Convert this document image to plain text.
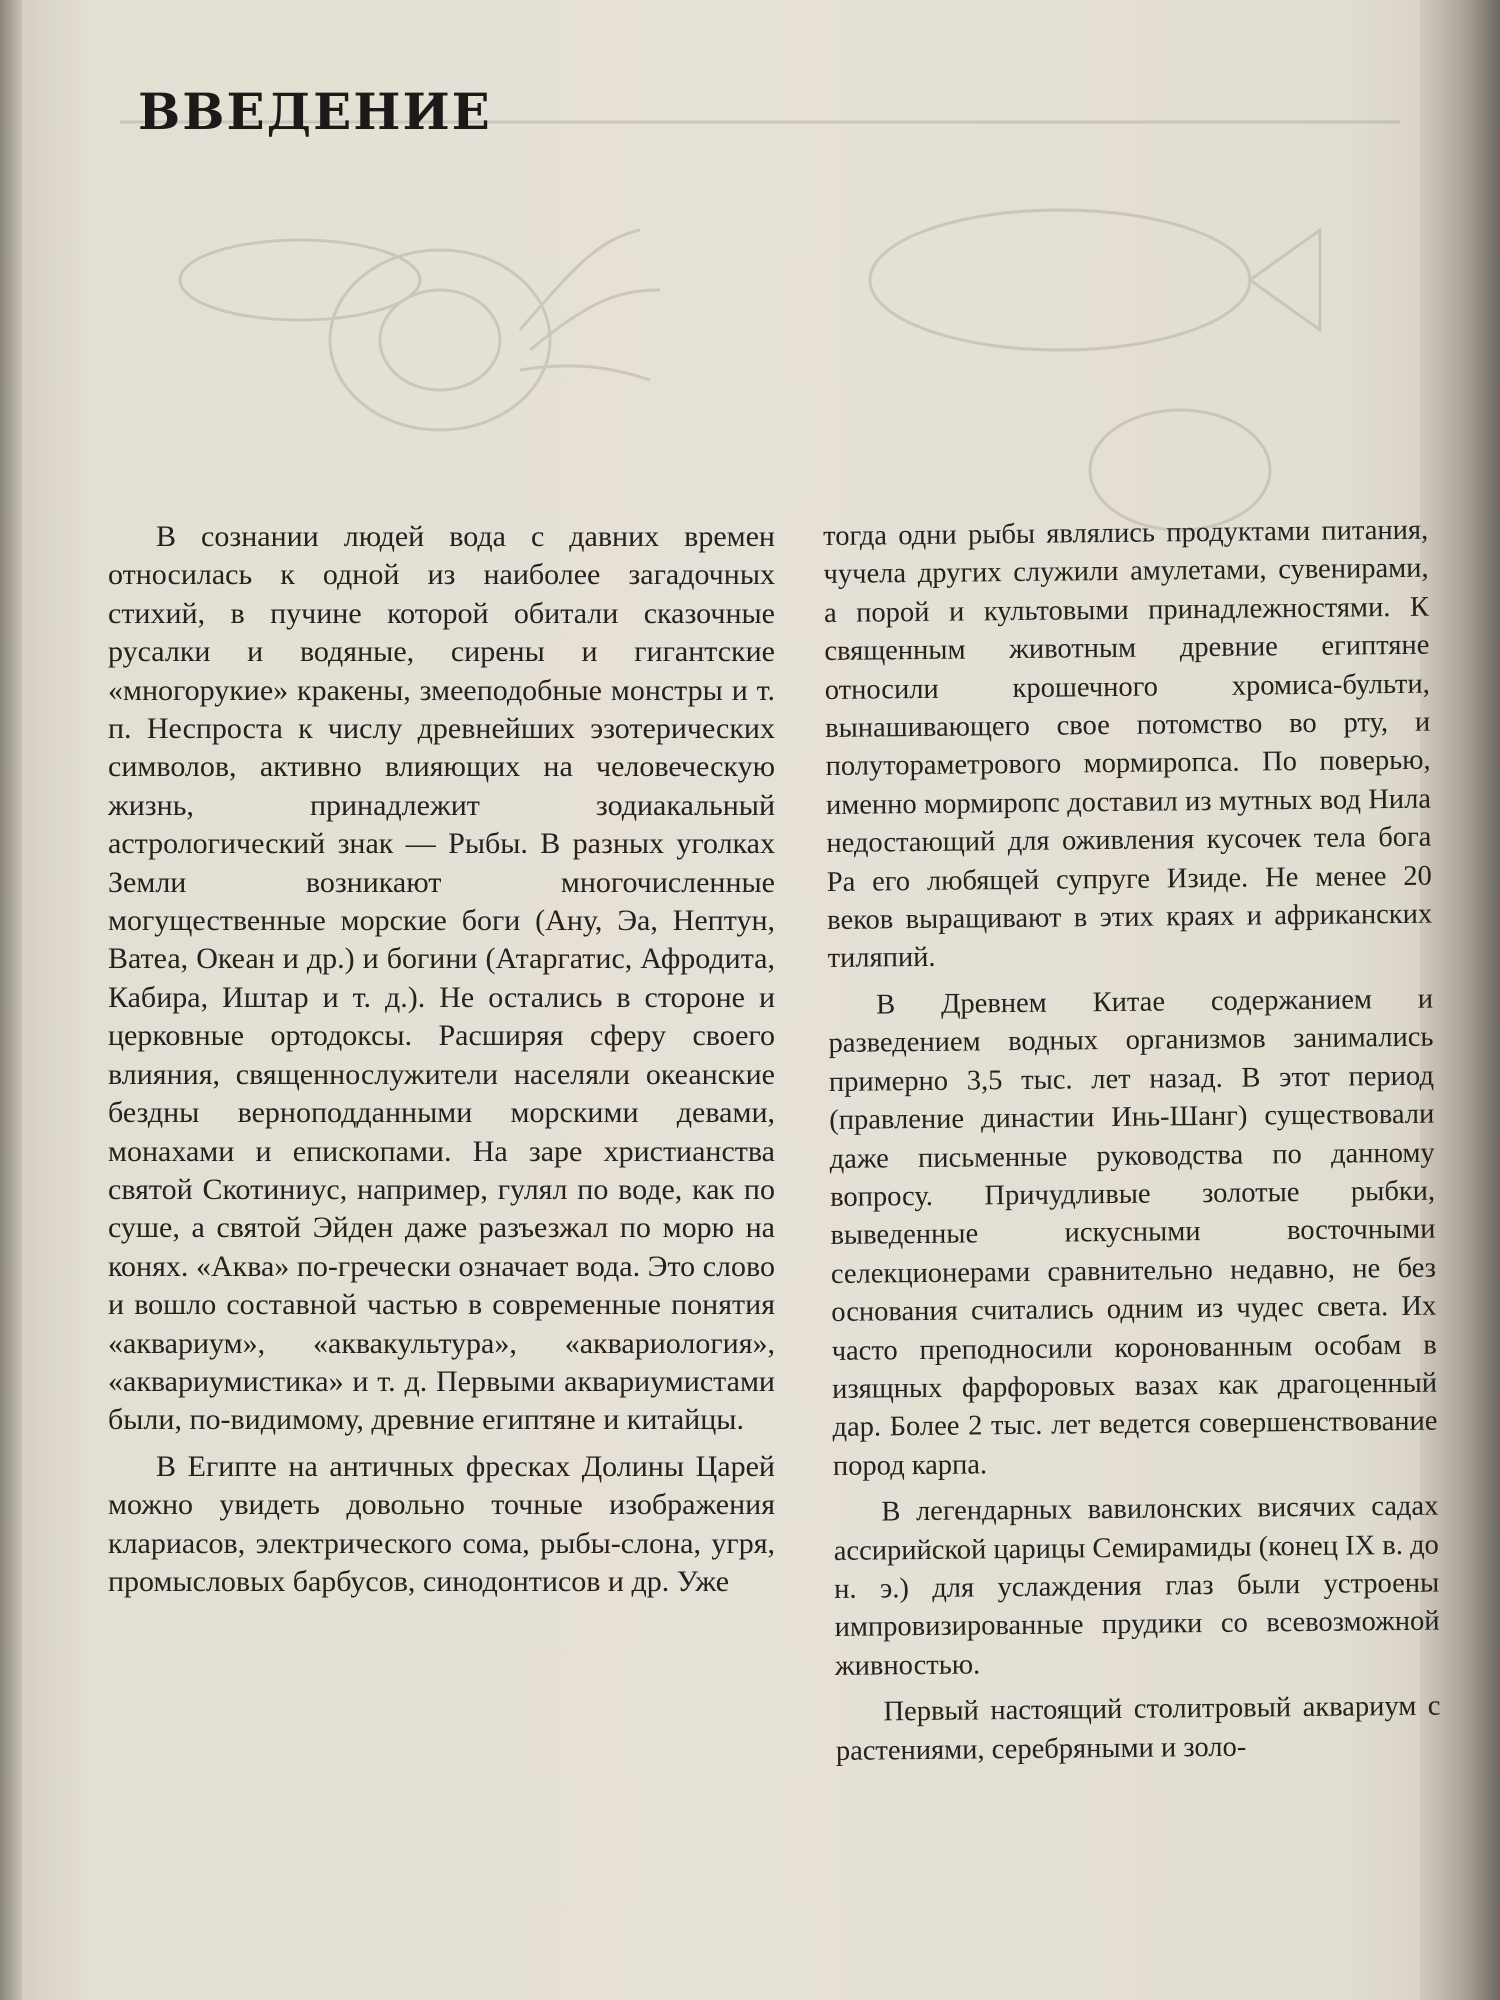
ВВЕДЕНИЕ

В сознании людей вода с давних времен относилась к одной из наиболее загадочных стихий, в пучине которой обитали сказочные русалки и водяные, сирены и гигантские «многорукие» кракены, змееподобные монстры и т. п. Неспроста к числу древнейших эзотерических символов, активно влияющих на человеческую жизнь, принадлежит зодиакальный астрологический знак — Рыбы. В разных уголках Земли возникают многочисленные могущественные морские боги (Ану, Эа, Нептун, Ватеа, Океан и др.) и богини (Атаргатис, Афродита, Кабира, Иштар и т. д.). Не остались в стороне и церковные ортодоксы. Расширяя сферу своего влияния, священнослужители населяли океанские бездны верноподданными морскими девами, монахами и епископами. На заре христианства святой Скотиниус, например, гулял по воде, как по суше, а святой Эйден даже разъезжал по морю на конях. «Аква» по-гречески означает вода. Это слово и вошло составной частью в современные понятия «аквариум», «аквакультура», «аквариология», «аквариумистика» и т. д. Первыми аквариумистами были, по-видимому, древние египтяне и китайцы.

В Египте на античных фресках Долины Царей можно увидеть довольно точные изображения клариасов, электрического сома, рыбы-слона, угря, промысловых барбусов, синодонтисов и др. Уже

тогда одни рыбы являлись продуктами питания, чучела других служили амулетами, сувенирами, а порой и культовыми принадлежностями. К священным животным древние египтяне относили крошечного хромиса-бульти, вынашивающего свое потомство во рту, и полутораметрового мормиропса. По поверью, именно мормиропс доставил из мутных вод Нила недостающий для оживления кусочек тела бога Ра его любящей супруге Изиде. Не менее 20 веков выращивают в этих краях и африканских тиляпий.

В Древнем Китае содержанием и разведением водных организмов занимались примерно 3,5 тыс. лет назад. В этот период (правление династии Инь-Шанг) существовали даже письменные руководства по данному вопросу. Причудливые золотые рыбки, выведенные искусными восточными селекционерами сравнительно недавно, не без основания считались одним из чудес света. Их часто преподносили коронованным особам в изящных фарфоровых вазах как драгоценный дар. Более 2 тыс. лет ведется совершенствование пород карпа.

В легендарных вавилонских висячих садах ассирийской царицы Семирамиды (конец IX в. до н. э.) для услаждения глаз были устроены импровизированные прудики со всевозможной живностью.

Первый настоящий столитровый аквариум с растениями, серебряными и золо-
